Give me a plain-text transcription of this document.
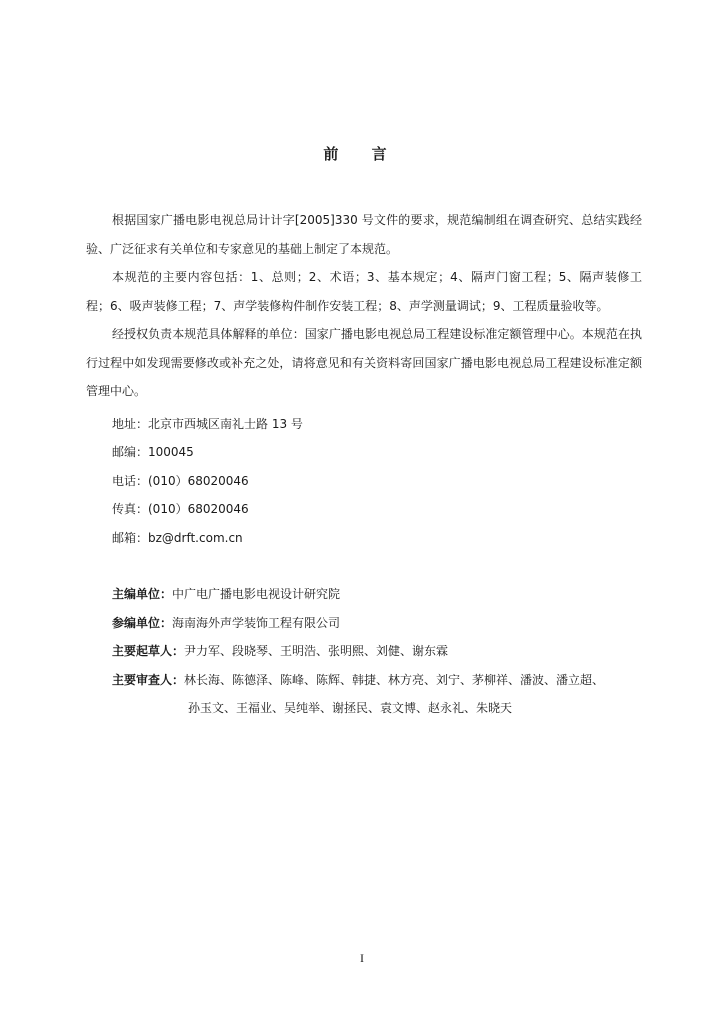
前 言

根据国家广播电影电视总局计计字[2005]330 号文件的要求，规范编制组在调查研究、总结实践经验、广泛征求有关单位和专家意见的基础上制定了本规范。

本规范的主要内容包括：1、总则；2、术语；3、基本规定；4、隔声门窗工程；5、隔声装修工程；6、吸声装修工程；7、声学装修构件制作安装工程；8、声学测量调试；9、工程质量验收等。

经授权负责本规范具体解释的单位：国家广播电影电视总局工程建设标准定额管理中心。本规范在执行过程中如发现需要修改或补充之处，请将意见和有关资料寄回国家广播电影电视总局工程建设标准定额管理中心。

地址：北京市西城区南礼士路 13 号
邮编：100045
电话：(010）68020046
传真：(010）68020046
邮箱：bz@drft.com.cn
主编单位：中广电广播电影电视设计研究院
参编单位：海南海外声学装饰工程有限公司
主要起草人：尹力军、段晓琴、王明浩、张明熙、刘健、谢东霖
主要审查人：林长海、陈德泽、陈峰、陈辉、韩捷、林方亮、刘宁、茅柳祥、潘波、潘立超、
孙玉文、王福业、吴纯举、谢拯民、袁文博、赵永礼、朱晓天
I
